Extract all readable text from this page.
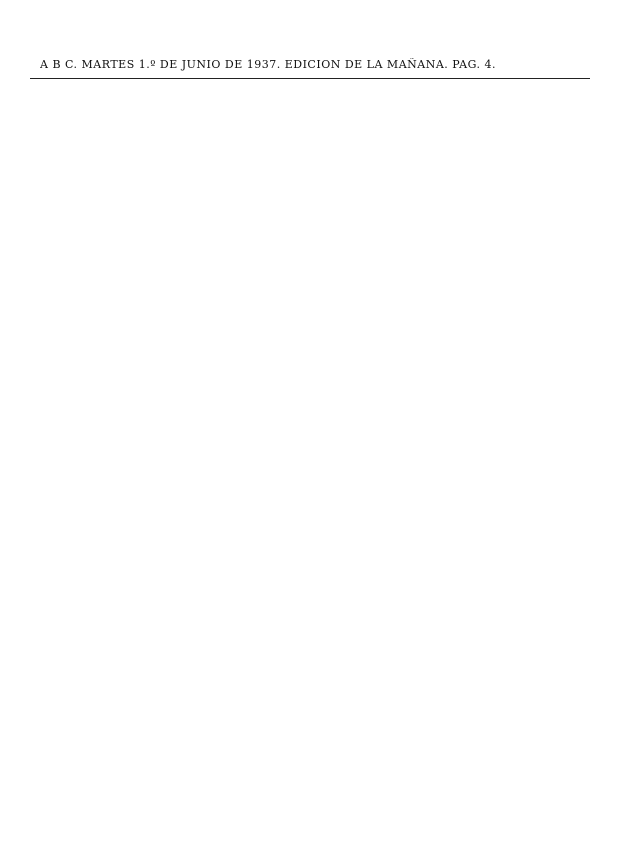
A B C. MARTES 1.º DE JUNIO DE 1937. EDICION DE LA MAÑANA. PAG. 4.
